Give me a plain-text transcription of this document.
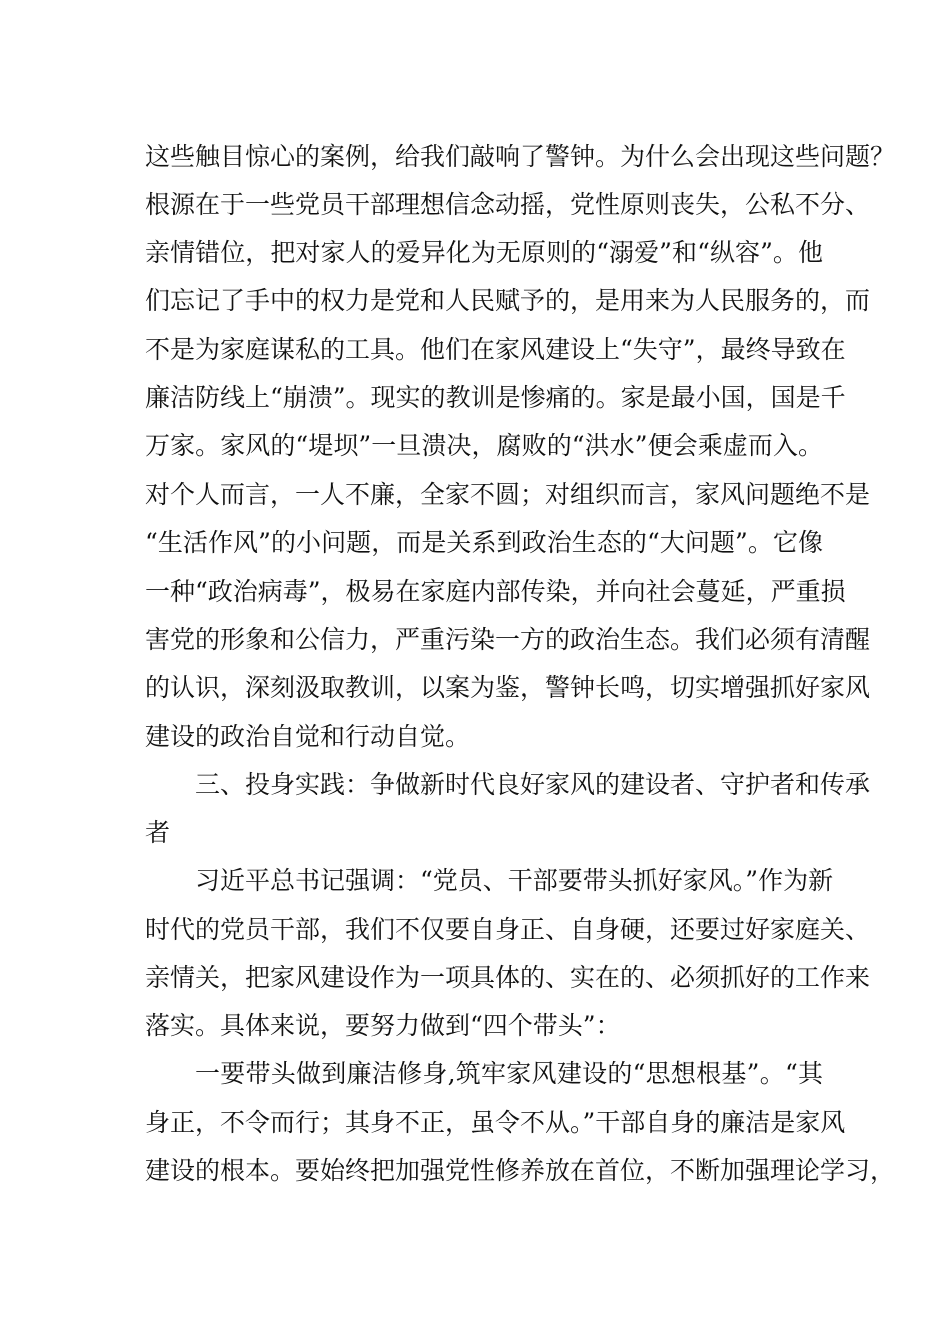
这些触目惊心的案例，给我们敲响了警钟。为什么会出现这些问题？
根源在于一些党员干部理想信念动摇，党性原则丧失，公私不分、
亲情错位，把对家人的爱异化为无原则的“溺爱”和“纵容”。他
们忘记了手中的权力是党和人民赋予的，是用来为人民服务的，而
不是为家庭谋私的工具。他们在家风建设上“失守”，最终导致在
廉洁防线上“崩溃”。现实的教训是惨痛的。家是最小国，国是千
万家。家风的“堤坝”一旦溃决，腐败的“洪水”便会乘虚而入。
对个人而言，一人不廉，全家不圆；对组织而言，家风问题绝不是
“生活作风”的小问题，而是关系到政治生态的“大问题”。它像
一种“政治病毒”，极易在家庭内部传染，并向社会蔓延，严重损
害党的形象和公信力，严重污染一方的政治生态。我们必须有清醒
的认识，深刻汲取教训，以案为鉴，警钟长鸣，切实增强抓好家风
建设的政治自觉和行动自觉。
三、投身实践：争做新时代良好家风的建设者、守护者和传承
者
习近平总书记强调：“党员、干部要带头抓好家风。”作为新
时代的党员干部，我们不仅要自身正、自身硬，还要过好家庭关、
亲情关，把家风建设作为一项具体的、实在的、必须抓好的工作来
落实。具体来说，要努力做到“四个带头”：
一要带头做到廉洁修身,筑牢家风建设的“思想根基”。“其
身正，不令而行；其身不正，虽令不从。”干部自身的廉洁是家风
建设的根本。要始终把加强党性修养放在首位，不断加强理论学习，
